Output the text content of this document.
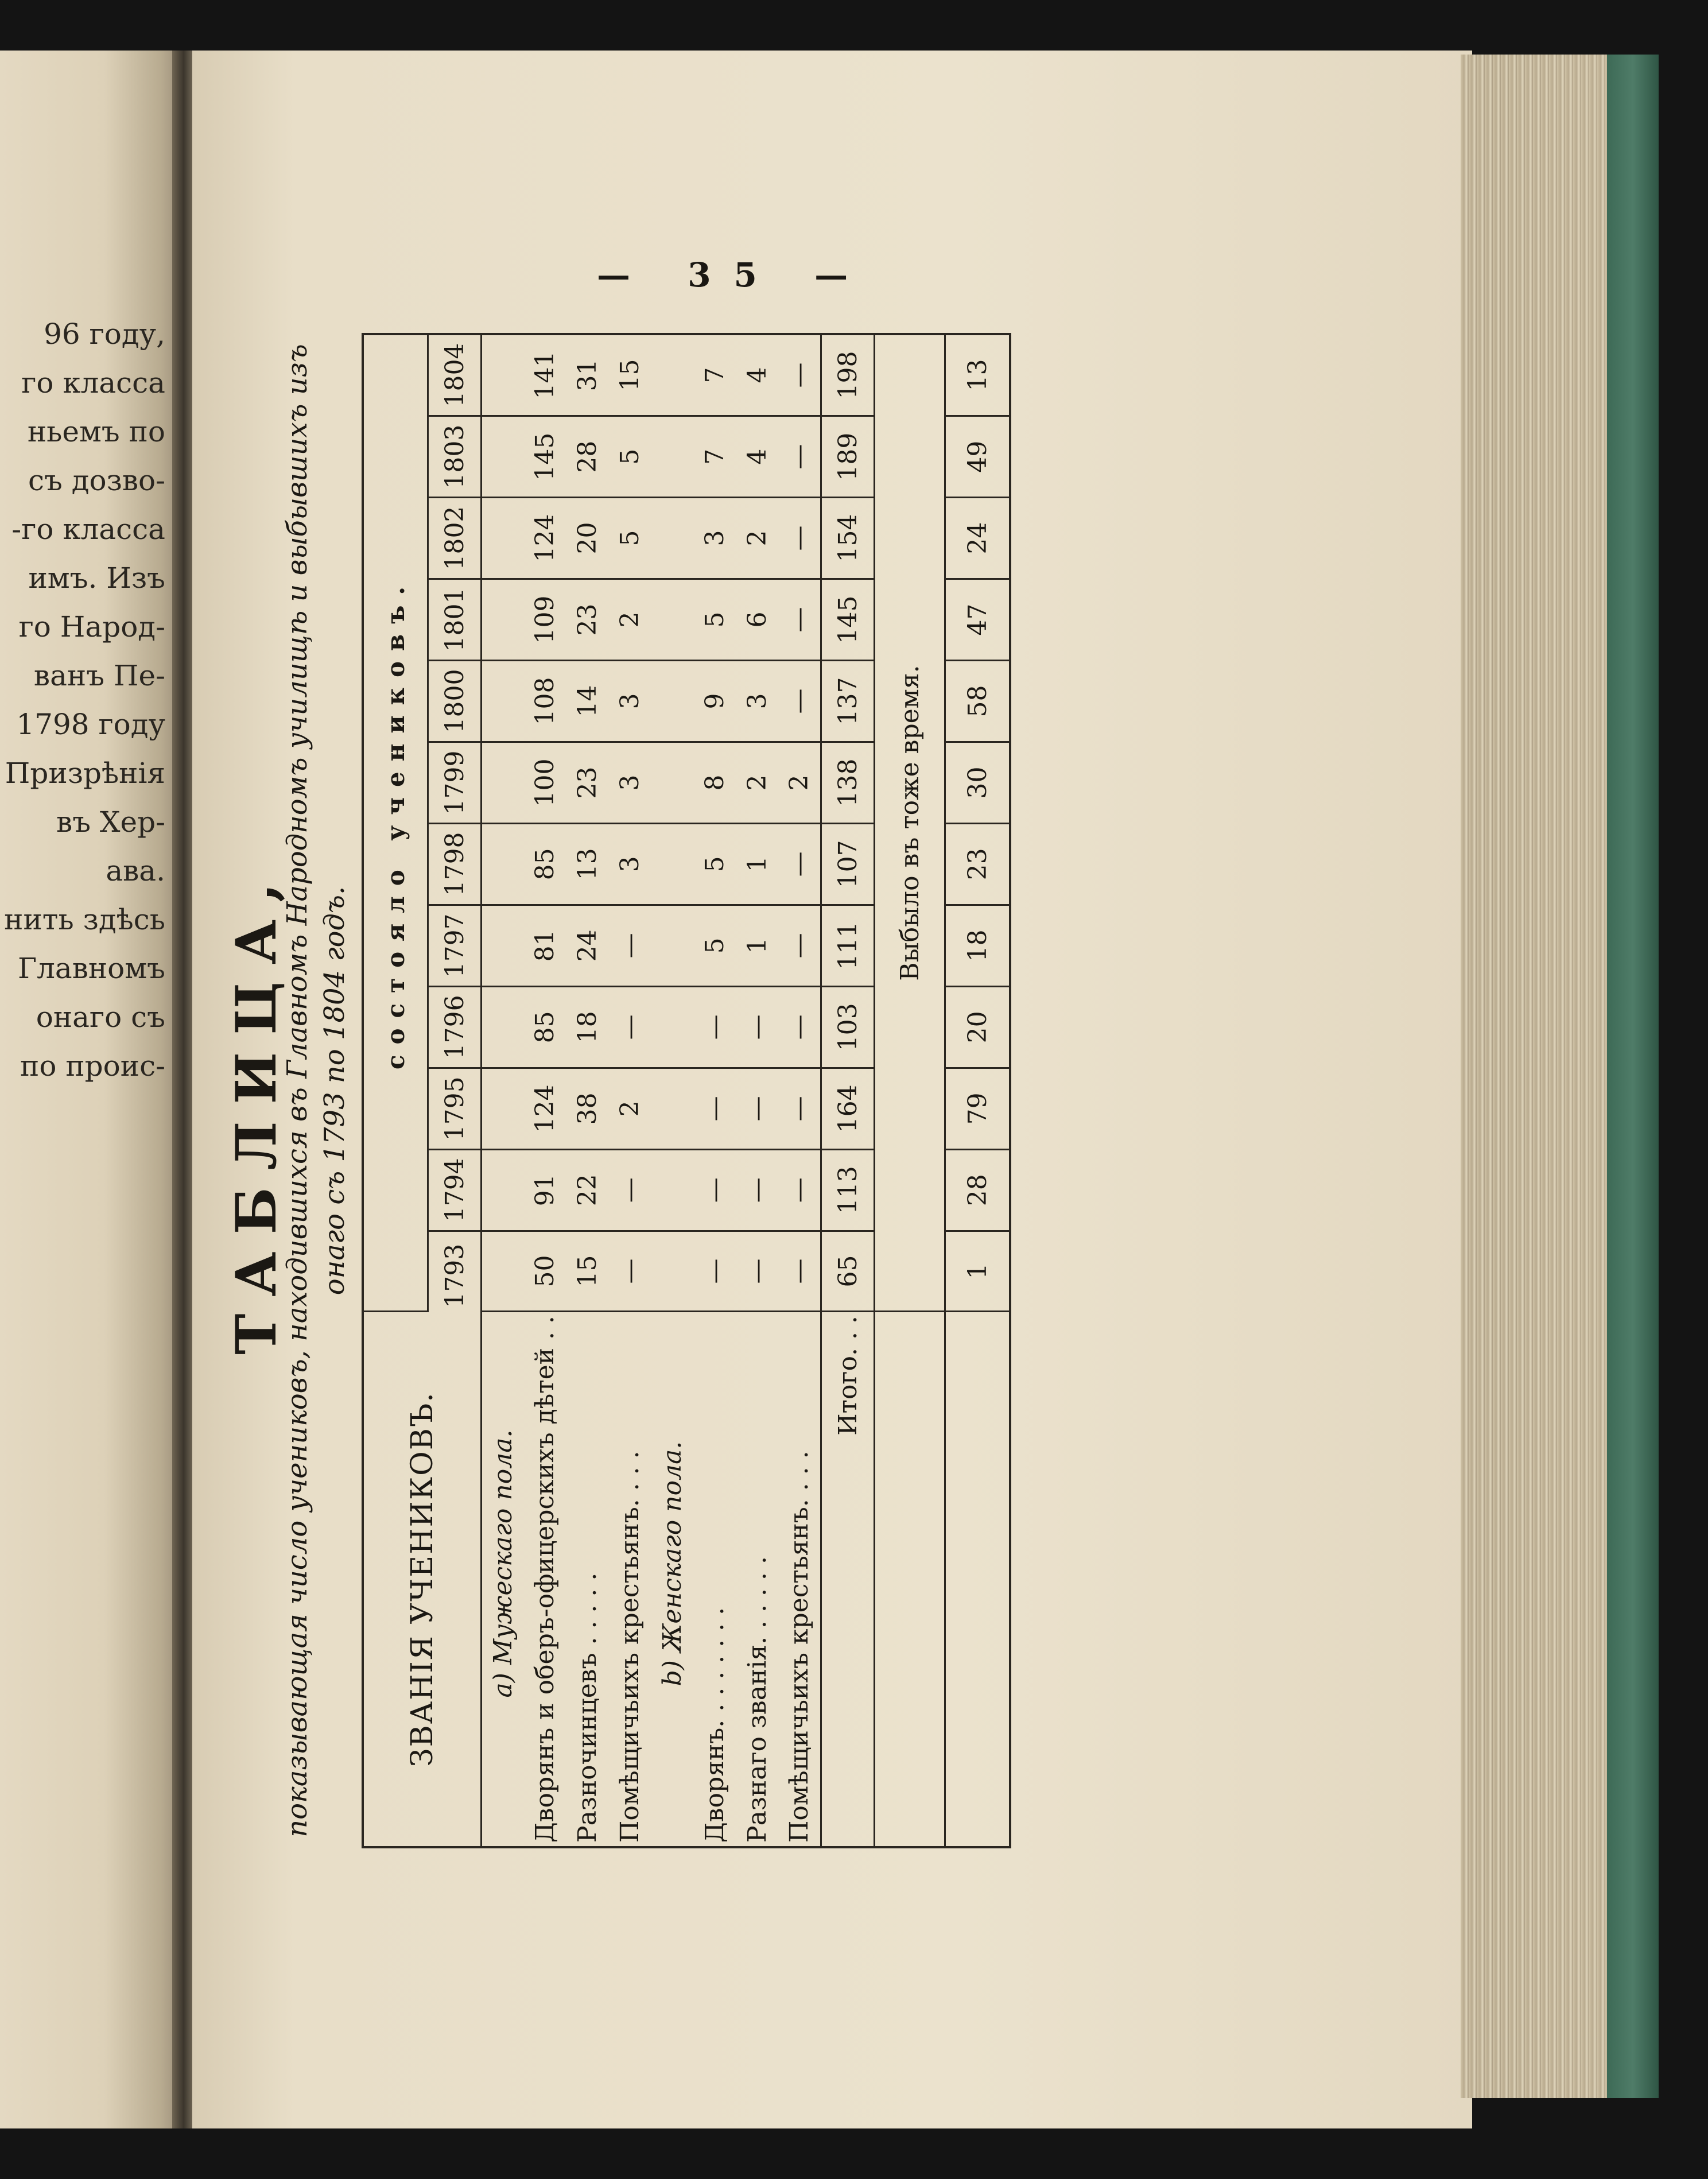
96 году,
го класса
ньемъ по
съ дозво-
-го класса
имъ. Изъ
го Народ-
ванъ Пе-
1798 году
Призрѣнія
въ Хер-
ава.
нить здѣсь
Главномъ
онаго съ
по проис-
— 35 —
ТАБЛИЦА,
показывающая число учениковъ, находившихся въ Главномъ Народномъ училищѣ и выбывшихъ изъ онаго съ 1793 по 1804 годъ.
ЗВАНІЯ УЧЕНИКОВЪ.	состояло учениковъ.											
	1793	1794	1795	1796	1797	1798	1799	1800	1801	1802	1803	1804
a) Мужескаго пола.												
Дворянъ и оберъ-офицерскихъ дѣтей . .	50	91	124	85	81	85	100	108	109	124	145	141
Разночинцевъ . . . . .	15	22	38	18	24	13	23	14	23	20	28	31
Помѣщичьихъ крестьянъ. . . .	—	—	2	—	—	3	3	3	2	5	5	15
b) Женскаго пола.												
Дворянъ. . . . . . . .	—	—	—	—	5	5	8	9	5	3	7	7
Разнаго званія. . . . . .	—	—	—	—	1	1	2	3	6	2	4	4
Помѣщичьихъ крестьянъ. . . .	—	—	—	—	—	—	2	—	—	—	—	—
Итого. . .	65	113	164	103	111	107	138	137	145	154	189	198
	Выбыло въ тоже время.											
	1	28	79	20	18	23	30	58	47	24	49	13
